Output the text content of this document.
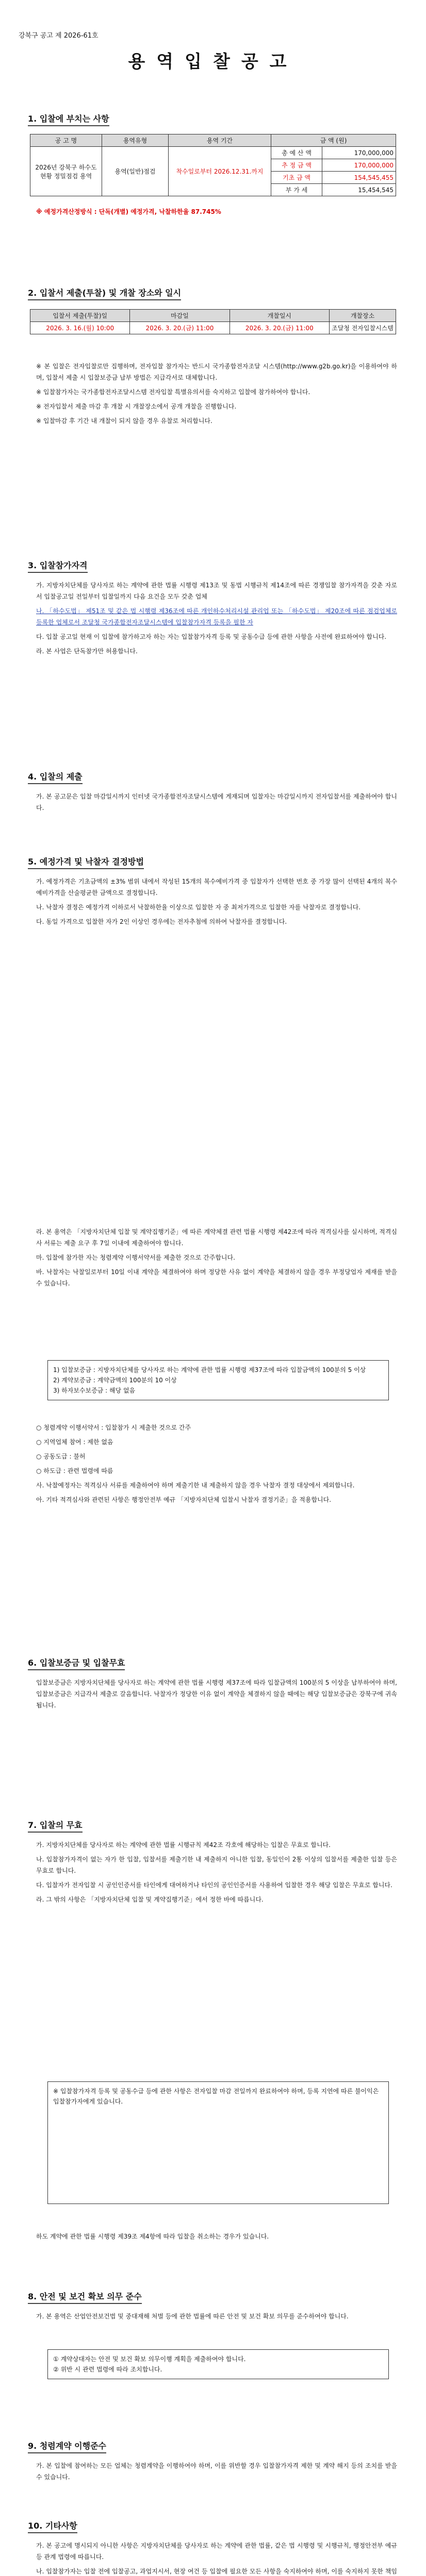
강북구 공고 제 2026-61호
용역입찰공고
1. 입찰에 부치는 사항
공 고 명	용역유형	용역 기간	금 액 (원)	
2026년 강북구 하수도 현황 정밀점검 용역	용역(일반)점검	착수일로부터 2026.12.31.까지	총 예 산 액	170,000,000
			추 정 금 액	170,000,000
			기초 금 액	154,545,455
			부 가 세	15,454,545
※ 예정가격산정방식 : 단독(개별) 예정가격, 낙찰하한율 87.745%
2. 입찰서 제출(투찰) 및 개찰 장소와 일시
입찰서 제출(투찰)일	마감일	개찰일시	개찰장소
2026. 3. 16.(월) 10:00	2026. 3. 20.(금) 11:00	2026. 3. 20.(금) 11:00	조달청 전자입찰시스템

※ 본 입찰은 전자입찰로만 집행하며, 전자입찰 참가자는 반드시 국가종합전자조달 시스템(http://www.g2b.go.kr)을 이용하여야 하며, 입찰서 제출 시 입찰보증금 납부 방법은 지급각서로 대체합니다.

※ 입찰참가자는 국가종합전자조달시스템 전자입찰 특별유의서를 숙지하고 입찰에 참가하여야 합니다.

※ 전자입찰서 제출 마감 후 개찰 시 개찰장소에서 공개 개찰을 진행합니다.

※ 입찰마감 후 기간 내 개찰이 되지 않을 경우 유찰로 처리합니다.

3. 입찰참가자격

가. 지방자치단체를 당사자로 하는 계약에 관한 법률 시행령 제13조 및 동법 시행규칙 제14조에 따른 경쟁입찰 참가자격을 갖춘 자로서 입찰공고일 전일부터 입찰일까지 다음 요건을 모두 갖춘 업체

나. 「하수도법」 제51조 및 같은 법 시행령 제36조에 따른 개인하수처리시설 관리업 또는 「하수도법」 제20조에 따른 점검업체로 등록한 업체로서 조달청 국가종합전자조달시스템에 입찰참가자격 등록을 필한 자

다. 입찰 공고일 현재 이 입찰에 참가하고자 하는 자는 입찰참가자격 등록 및 공동수급 등에 관한 사항을 사전에 완료하여야 합니다.

라. 본 사업은 단독참가만 허용합니다.

4. 입찰의 제출
가. 본 공고문은 입찰 마감일시까지 인터넷 국가종합전자조달시스템에 게재되며 입찰자는 마감일시까지 전자입찰서를 제출하여야 합니다.
5. 예정가격 및 낙찰자 결정방법

가. 예정가격은 기초금액의 ±3% 범위 내에서 작성된 15개의 복수예비가격 중 입찰자가 선택한 번호 중 가장 많이 선택된 4개의 복수예비가격을 산술평균한 금액으로 결정합니다.

나. 낙찰자 결정은 예정가격 이하로서 낙찰하한율 이상으로 입찰한 자 중 최저가격으로 입찰한 자를 낙찰자로 결정합니다.

다. 동일 가격으로 입찰한 자가 2인 이상인 경우에는 전자추첨에 의하여 낙찰자를 결정합니다.

라. 본 용역은 「지방자치단체 입찰 및 계약집행기준」에 따른 계약체결 관련 법률 시행령 제42조에 따라 적격심사를 실시하며, 적격심사 서류는 제출 요구 후 7일 이내에 제출하여야 합니다.

마. 입찰에 참가한 자는 청렴계약 이행서약서를 제출한 것으로 간주합니다.

바. 낙찰자는 낙찰일로부터 10일 이내 계약을 체결하여야 하며 정당한 사유 없이 계약을 체결하지 않을 경우 부정당업자 제재를 받을 수 있습니다.

1) 입찰보증금 : 지방자치단체를 당사자로 하는 계약에 관한 법률 시행령 제37조에 따라 입찰금액의 100분의 5 이상
2) 계약보증금 : 계약금액의 100분의 10 이상
3) 하자보수보증금 : 해당 없음

○ 청렴계약 이행서약서 : 입찰참가 시 제출한 것으로 간주

○ 지역업체 참여 : 제한 없음

○ 공동도급 : 불허

○ 하도급 : 관련 법령에 따름

사. 낙찰예정자는 적격심사 서류를 제출하여야 하며 제출기한 내 제출하지 않을 경우 낙찰자 결정 대상에서 제외합니다.

아. 기타 적격심사와 관련된 사항은 행정안전부 예규 「지방자치단체 입찰시 낙찰자 결정기준」을 적용합니다.

6. 입찰보증금 및 입찰무효
입찰보증금은 지방자치단체를 당사자로 하는 계약에 관한 법률 시행령 제37조에 따라 입찰금액의 100분의 5 이상을 납부하여야 하며, 입찰보증금은 지급각서 제출로 갈음합니다. 낙찰자가 정당한 이유 없이 계약을 체결하지 않을 때에는 해당 입찰보증금은 강북구에 귀속됩니다.
7. 입찰의 무효

가. 지방자치단체를 당사자로 하는 계약에 관한 법률 시행규칙 제42조 각호에 해당하는 입찰은 무효로 합니다.

나. 입찰참가자격이 없는 자가 한 입찰, 입찰서를 제출기한 내 제출하지 아니한 입찰, 동일인이 2통 이상의 입찰서를 제출한 입찰 등은 무효로 합니다.

다. 입찰자가 전자입찰 시 공인인증서를 타인에게 대여하거나 타인의 공인인증서를 사용하여 입찰한 경우 해당 입찰은 무효로 합니다.

라. 그 밖의 사항은 「지방자치단체 입찰 및 계약집행기준」에서 정한 바에 따릅니다.

※ 입찰참가자격 등록 및 공동수급 등에 관한 사항은 전자입찰 마감 전일까지 완료하여야 하며, 등록 지연에 따른 불이익은 입찰참가자에게 있습니다.
하도 계약에 관한 법률 시행령 제39조 제4항에 따라 입찰을 취소하는 경우가 있습니다.
8. 안전 및 보건 확보 의무 준수
가. 본 용역은 산업안전보건법 및 중대재해 처벌 등에 관한 법률에 따른 안전 및 보건 확보 의무를 준수하여야 합니다.
① 계약상대자는 안전 및 보건 확보 의무이행 계획을 제출하여야 합니다.
② 위반 시 관련 법령에 따라 조치합니다.
9. 청렴계약 이행준수
가. 본 입찰에 참여하는 모든 업체는 청렴계약을 이행하여야 하며, 이를 위반할 경우 입찰참가자격 제한 및 계약 해지 등의 조치를 받을 수 있습니다.
10. 기타사항

가. 본 공고에 명시되지 아니한 사항은 지방자치단체를 당사자로 하는 계약에 관한 법률, 같은 법 시행령 및 시행규칙, 행정안전부 예규 등 관계 법령에 따릅니다.

나. 입찰참가자는 입찰 전에 입찰공고, 과업지시서, 현장 여건 등 입찰에 필요한 모든 사항을 숙지하여야 하며, 이를 숙지하지 못한 책임
